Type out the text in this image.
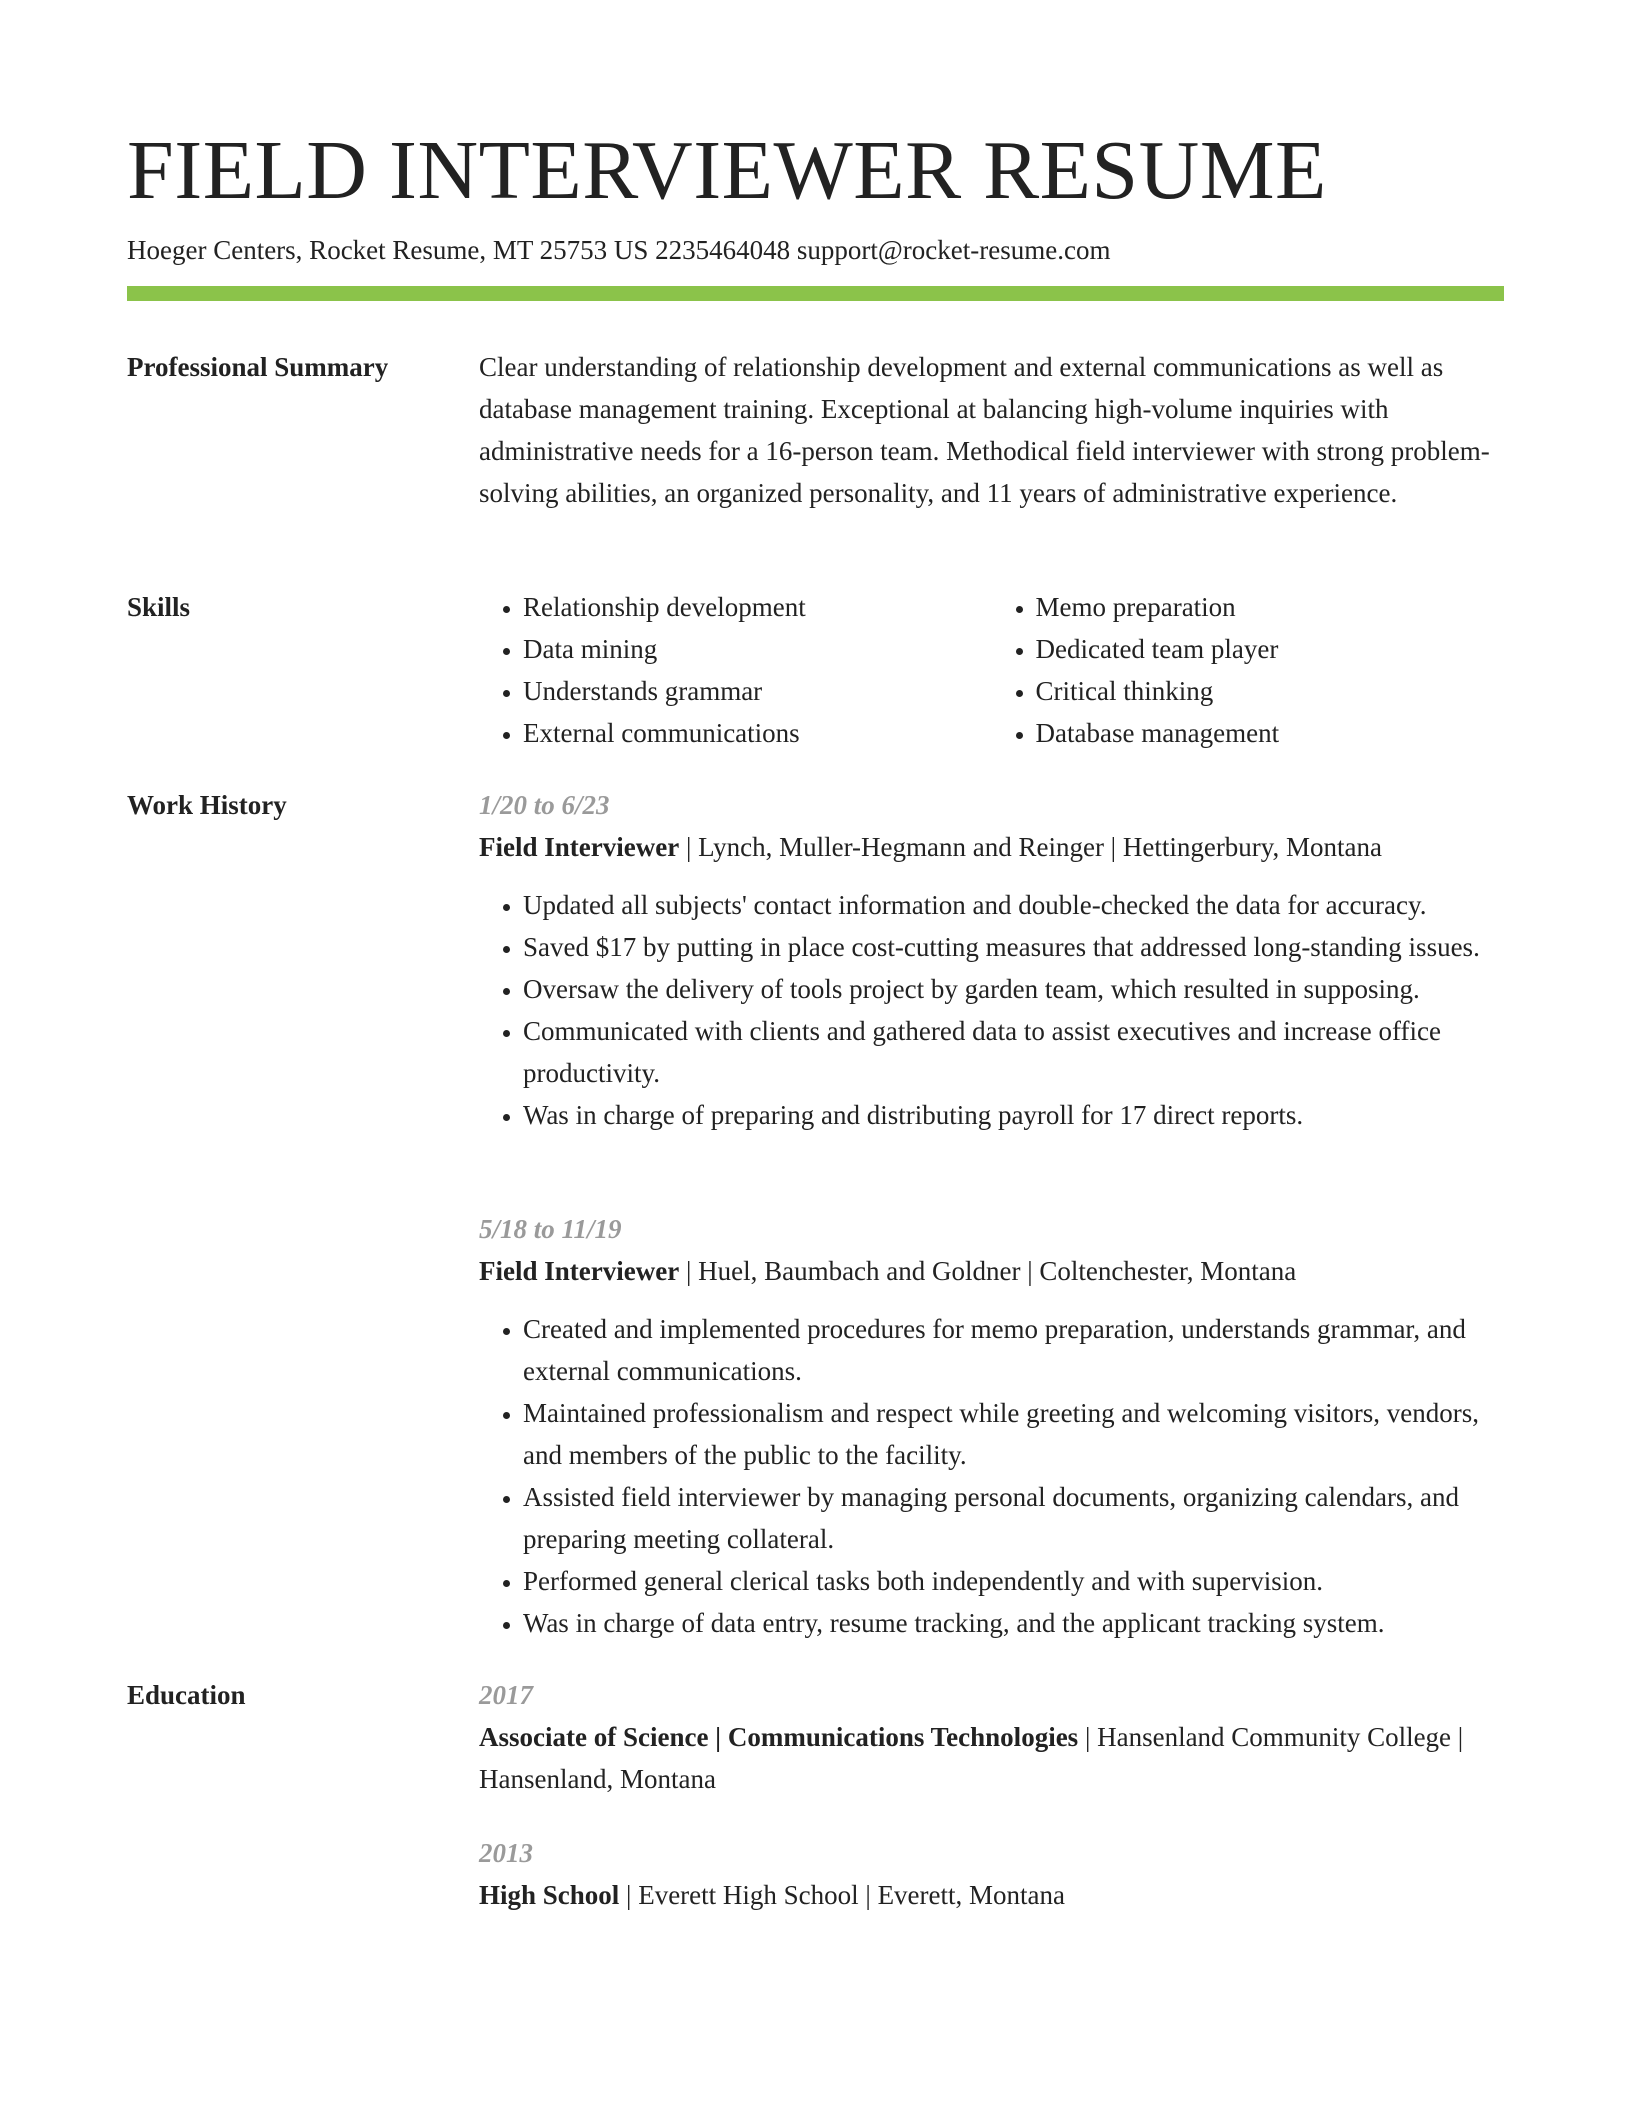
FIELD INTERVIEWER RESUME
Hoeger Centers, Rocket Resume, MT 25753 US 2235464048 support@rocket-resume.com
Professional Summary	Clear understanding of relationship development and external communications as well as database management training. Exceptional at balancing high-volume inquiries with administrative needs for a 16-person team. Methodical field interviewer with strong problem-solving abilities, an organized personality, and 11 years of administrative experience.
Skills
•	Relationship development
• Data mining
• Understands grammar
• External communications
• Memo preparation
• Dedicated team player
• Critical thinking
• Database management
Work History	1/20 to 6/23
Field Interviewer | Lynch, Muller-Hegmann and Reinger | Hettingerbury, Montana
• Updated all subjects' contact information and double-checked the data for accuracy.
• Saved $17 by putting in place cost-cutting measures that addressed long-standing issues.
• Oversaw the delivery of tools project by garden team, which resulted in supposing.
• Communicated with clients and gathered data to assist executives and increase office productivity.
• Was in charge of preparing and distributing payroll for 17 direct reports.
5/18 to 11/19
Field Interviewer | Huel, Baumbach and Goldner | Coltenchester, Montana
• Created and implemented procedures for memo preparation, understands grammar, and external communications.
• Maintained professionalism and respect while greeting and welcoming visitors, vendors, and members of the public to the facility.
• Assisted field interviewer by managing personal documents, organizing calendars, and preparing meeting collateral.
• Performed general clerical tasks both independently and with supervision.
• Was in charge of data entry, resume tracking, and the applicant tracking system.
Education	2017
Associate of Science | Communications Technologies | Hansenland Community College | Hansenland, Montana
2013
High School | Everett High School | Everett, Montana
